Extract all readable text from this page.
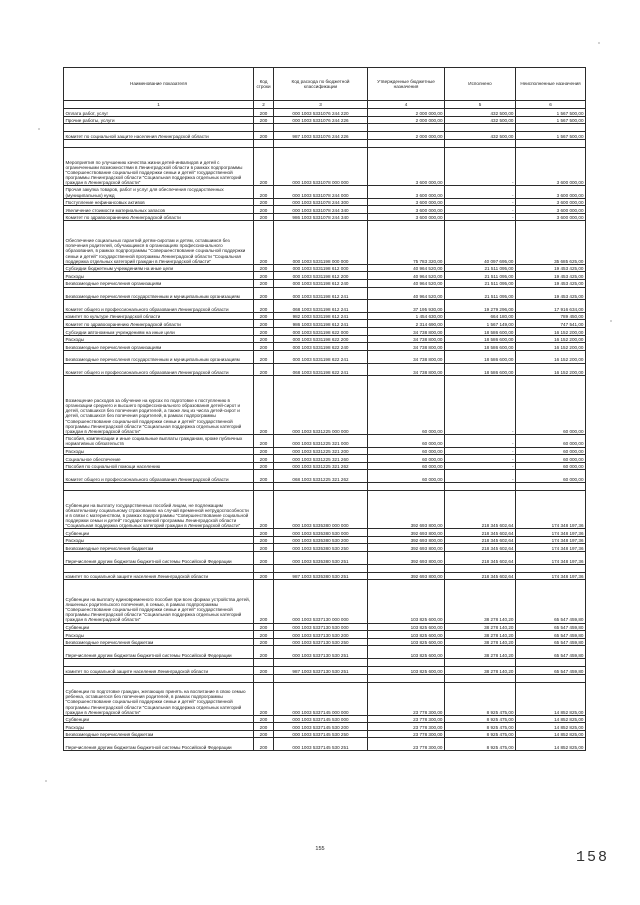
Наименование показателя	Код строки	Код расхода по бюджетной классификации	Утвержденные бюджетные назначения	Исполнено	Неисполненные назначения
1	2	3	4	5	6
Оплата работ, услуг	200	000 1003 5331076 244 220	2 000 000,00	432 500,00	1 567 500,00
Прочие работы, услуги	200	000 1003 5331076 244 226	2 000 000,00	432 500,00	1 567 500,00

Комитет по социальной защите населения Ленинградской области	200	987 1003 5331076 244 226	2 000 000,00	432 500,00	1 567 500,00

Мероприятия по улучшению качества жизни детей-инвалидов и детей с ограниченными возможностями в Ленинградской области в рамках подпрограммы "Совершенствование социальной поддержки семьи и детей" государственной программы Ленинградской области "Социальная поддержка отдельных категорий граждан в Ленинградской области"	200	000 1003 5331078 000 000	3 600 000,00	-	3 600 000,00
Прочая закупка товаров, работ и услуг для обеспечения государственных (муниципальных) нужд	200	000 1003 5331078 244 000	3 600 000,00	-	3 600 000,00
Поступление нефинансовых активов	200	000 1003 5331078 244 300	3 600 000,00	-	3 600 000,00
Увеличение стоимости материальных запасов	200	000 1003 5331078 244 340	3 600 000,00	-	3 600 000,00
Комитет по здравоохранению Ленинградской области	200	986 1003 5331078 244 340	3 600 000,00	-	3 600 000,00
Обеспечение социальных гарантий детям-сиротам и детям, оставшимся без попечения родителей, обучающимся в организациях профессионального образования, в рамках подпрограммы "Совершенствование социальной поддержки семьи и детей" государственной программы Ленинградской области "Социальная поддержка отдельных категорий граждан в Ленинградской области"	200	000 1003 5331198 000 000	75 783 320,00	40 097 695,00	35 685 625,00
Субсидии бюджетным учреждениям на иные цели	200	000 1003 5331198 612 000	40 964 520,00	21 511 095,00	19 453 425,00
Расходы	200	000 1003 5331198 612 200	40 964 520,00	21 511 095,00	19 453 425,00
Безвозмездные перечисления организациям	200	000 1003 5331198 612 240	40 964 520,00	21 511 095,00	19 453 425,00
Безвозмездные перечисления государственным и муниципальным организациям	200	000 1003 5331198 612 241	40 964 520,00	21 511 095,00	19 453 425,00
Комитет общего и профессионального образования Ленинградской области	200	068 1003 5331198 612 241	37 195 930,00	19 279 296,00	17 916 634,00
комитет по культуре Ленинградской области	200	982 1003 5331198 612 241	1 454 630,00	664 180,00	789 450,00
Комитет по здравоохранению Ленинградской области	200	986 1003 5331198 612 241	2 314 690,00	1 567 149,00	747 541,00
Субсидии автономным учреждениям на иные цели	200	000 1003 5331198 622 000	34 738 800,00	18 586 600,00	16 152 200,00
Расходы	200	000 1003 5331198 622 200	34 738 800,00	18 586 600,00	16 152 200,00
Безвозмездные перечисления организациям	200	000 1003 5331198 622 240	34 738 800,00	18 586 600,00	16 152 200,00
Безвозмездные перечисления государственным и муниципальным организациям	200	000 1003 5331198 622 241	34 738 800,00	18 586 600,00	16 152 200,00
Комитет общего и профессионального образования Ленинградской области	200	068 1003 5331198 622 241	34 738 800,00	18 586 600,00	16 152 200,00
Возмещение расходов за обучение на курсах по подготовке к поступлению в организации среднего и высшего профессионального образования детей-сирот и детей, оставшихся без попечения родителей, а также лиц из числа детей-сирот и детей, оставшихся без попечения родителей, в рамках подпрограммы "Совершенствование социальной поддержки семьи и детей" государственной программы Ленинградской области "Социальная поддержка отдельных категорий граждан в Ленинградской области"	200	000 1003 5331225 000 000	60 000,00	-	60 000,00
Пособия, компенсации и иные социальные выплаты гражданам, кроме публичных нормативных обязательств	200	000 1003 5331225 321 000	60 000,00	-	60 000,00
Расходы	200	000 1003 5331225 321 200	60 000,00	-	60 000,00
Социальное обеспечение	200	000 1003 5331225 321 260	60 000,00	-	60 000,00
Пособия по социальной помощи населению	200	000 1003 5331225 321 262	60 000,00	-	60 000,00
Комитет общего и профессионального образования Ленинградской области	200	068 1003 5331225 321 262	60 000,00	-	60 000,00

Субвенции на выплату государственных пособий лицам, не подлежащим обязательному социальному страхованию на случай временной нетрудоспособности и в связи с материнством, в рамках подпрограммы "Совершенствование социальной поддержки семьи и детей" государственной программы Ленинградской области "Социальная поддержка отдельных категорий граждан в Ленинградской области"	200	000 1003 5335380 000 000	392 693 800,00	218 345 602,64	174 348 197,36
Субвенции	200	000 1003 5335380 530 000	392 693 800,00	218 345 602,64	174 348 197,36
Расходы	200	000 1003 5335380 530 200	392 693 800,00	218 345 602,64	174 348 197,36
Безвозмездные перечисления бюджетам	200	000 1003 5335380 530 250	392 693 800,00	218 345 602,64	174 348 197,36
Перечисления другим бюджетам бюджетной системы Российской Федерации	200	000 1003 5335380 530 251	392 693 800,00	218 345 602,64	174 348 197,36

комитет по социальной защите населения Ленинградской области	200	987 1003 5335380 530 251	392 693 800,00	218 345 602,64	174 348 197,36
Субвенции на выплату единовременного пособия при всех формах устройства детей, лишенных родительского попечения, в семью, в рамках подпрограммы "Совершенствование социальной поддержки семьи и детей" государственной программы Ленинградской области "Социальная поддержка отдельных категорий граждан в Ленинградской области"	200	000 1003 5337130 000 000	103 825 600,00	38 278 140,20	65 547 459,80
Субвенции	200	000 1003 5337130 530 000	103 825 600,00	38 278 140,20	65 547 459,80
Расходы	200	000 1003 5337130 530 200	103 825 600,00	38 278 140,20	65 547 459,80
Безвозмездные перечисления бюджетам	200	000 1003 5337130 530 250	103 825 600,00	38 278 140,20	65 547 459,80
Перечисления другим бюджетам бюджетной системы Российской Федерации	200	000 1003 5337130 530 251	103 825 600,00	38 278 140,20	65 547 459,80

комитет по социальной защите населения Ленинградской области	200	987 1003 5337130 530 251	103 825 600,00	38 278 140,20	65 547 459,80

Субвенции по подготовке граждан, желающих принять на воспитание в свою семью ребенка, оставшегося без попечения родителей, в рамках подпрограммы "Совершенствование социальной поддержки семьи и детей" государственной программы Ленинградской области "Социальная поддержка отдельных категорий граждан в Ленинградской области"	200	000 1003 5337145 000 000	23 778 300,00	8 925 475,00	14 852 825,00
Субвенции	200	000 1003 5337145 530 000	23 778 300,00	8 925 475,00	14 852 825,00
Расходы	200	000 1003 5337145 530 200	23 778 300,00	8 925 475,00	14 852 825,00
Безвозмездные перечисления бюджетам	200	000 1003 5337145 530 250	23 778 300,00	8 925 475,00	14 852 825,00
Перечисления другим бюджетам бюджетной системы Российской Федерации	200	000 1003 5337145 530 251	23 778 300,00	8 925 475,00	14 852 825,00
155	158
